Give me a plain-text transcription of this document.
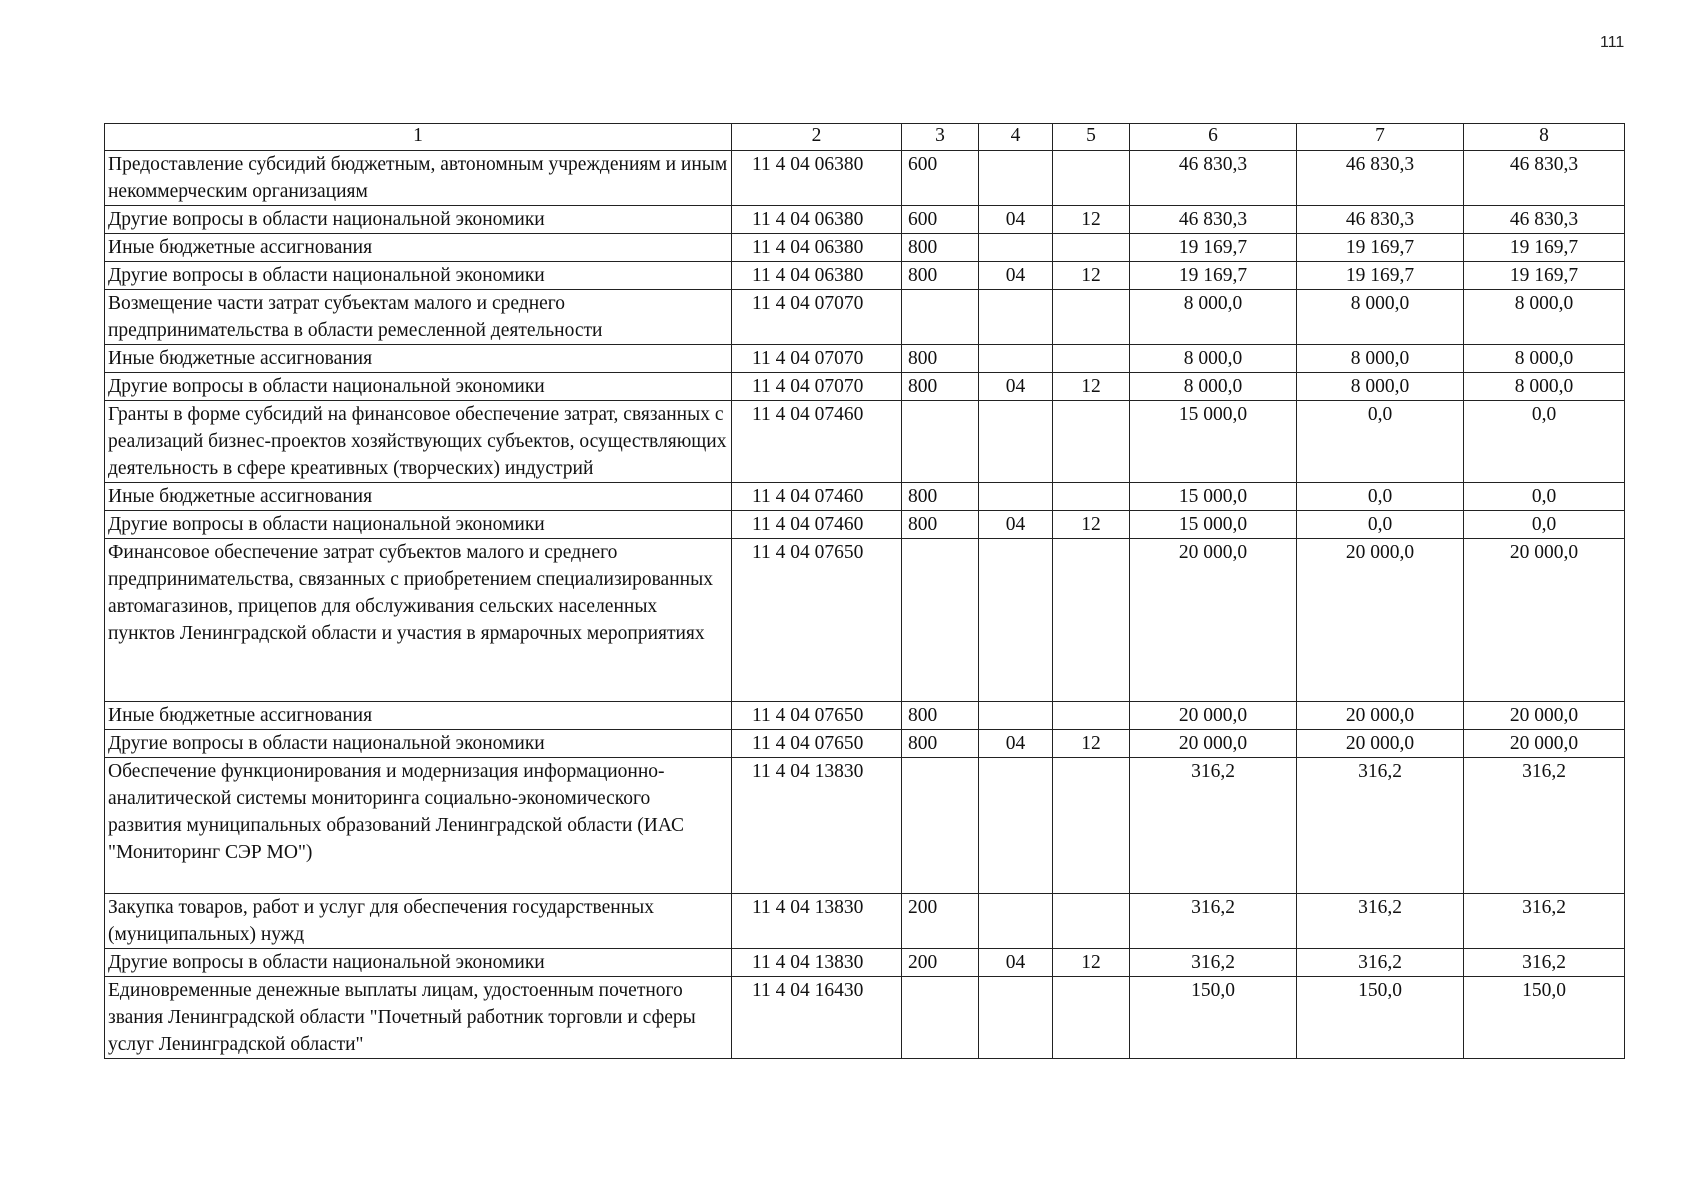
111
1	2	3	4	5	6	7	8
Предоставление субсидий бюджетным, автономным учреждениям и иным некоммерческим организациям	11 4 04 06380	600			46 830,3	46 830,3	46 830,3
Другие вопросы в области национальной экономики	11 4 04 06380	600	04	12	46 830,3	46 830,3	46 830,3
Иные бюджетные ассигнования	11 4 04 06380	800			19 169,7	19 169,7	19 169,7
Другие вопросы в области национальной экономики	11 4 04 06380	800	04	12	19 169,7	19 169,7	19 169,7
Возмещение части затрат субъектам малого и среднего предпринимательства в области ремесленной деятельности	11 4 04 07070				8 000,0	8 000,0	8 000,0
Иные бюджетные ассигнования	11 4 04 07070	800			8 000,0	8 000,0	8 000,0
Другие вопросы в области национальной экономики	11 4 04 07070	800	04	12	8 000,0	8 000,0	8 000,0
Гранты в форме субсидий на финансовое обеспечение затрат, связанных с реализаций бизнес-проектов хозяйствующих субъектов, осуществляющих деятельность в сфере креативных (творческих) индустрий	11 4 04 07460				15 000,0	0,0	0,0
Иные бюджетные ассигнования	11 4 04 07460	800			15 000,0	0,0	0,0
Другие вопросы в области национальной экономики	11 4 04 07460	800	04	12	15 000,0	0,0	0,0
Финансовое обеспечение затрат субъектов малого и среднего предпринимательства, связанных с приобретением специализированных автомагазинов, прицепов для обслуживания сельских населенных пунктов Ленинградской области и участия в ярмарочных мероприятиях	11 4 04 07650				20 000,0	20 000,0	20 000,0
Иные бюджетные ассигнования	11 4 04 07650	800			20 000,0	20 000,0	20 000,0
Другие вопросы в области национальной экономики	11 4 04 07650	800	04	12	20 000,0	20 000,0	20 000,0
Обеспечение функционирования и модернизация информационно-аналитической системы мониторинга социально-экономического развития муниципальных образований Ленинградской области (ИАС "Мониторинг СЭР МО")	11 4 04 13830				316,2	316,2	316,2
Закупка товаров, работ и услуг для обеспечения государственных (муниципальных) нужд	11 4 04 13830	200			316,2	316,2	316,2
Другие вопросы в области национальной экономики	11 4 04 13830	200	04	12	316,2	316,2	316,2
Единовременные денежные выплаты лицам, удостоенным почетного звания Ленинградской области "Почетный работник торговли и сферы услуг Ленинградской области"	11 4 04 16430				150,0	150,0	150,0
